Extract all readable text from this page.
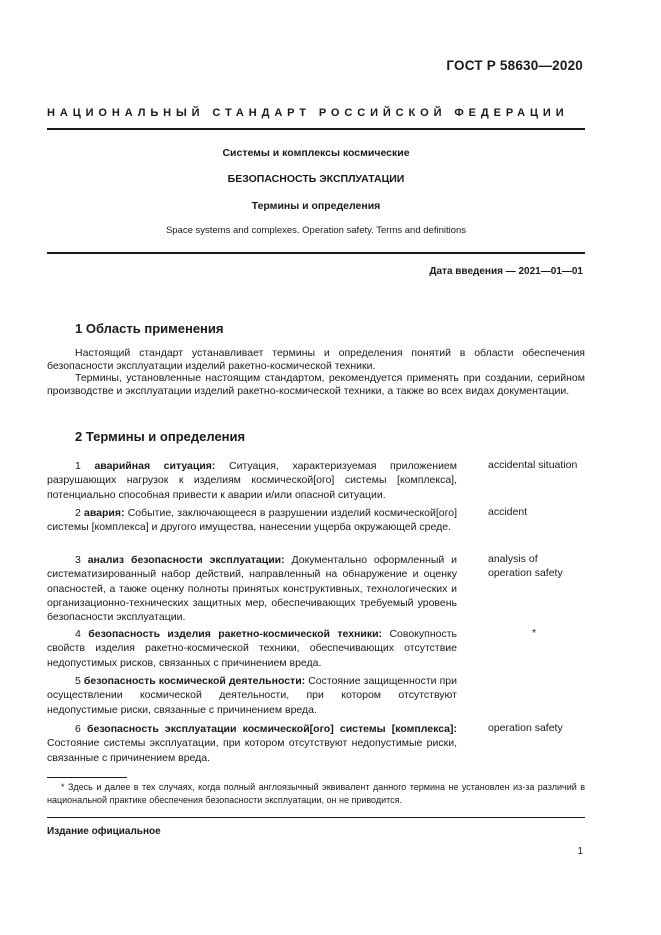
ГОСТ Р 58630—2020
НАЦИОНАЛЬНЫЙ СТАНДАРТ РОССИЙСКОЙ ФЕДЕРАЦИИ
Системы и комплексы космические
БЕЗОПАСНОСТЬ ЭКСПЛУАТАЦИИ
Термины и определения
Space systems and complexes. Operation safety. Terms and definitions
Дата введения — 2021—01—01
1 Область применения

Настоящий стандарт устанавливает термины и определения понятий в области обеспечения безопасности эксплуатации изделий ракетно-космической техники.

Термины, установленные настоящим стандартом, рекомендуется применять при создании, серийном производстве и эксплуатации изделий ракетно-космической техники, а также во всех видах документации.

2 Термины и определения
1 аварийная ситуация: Ситуация, характеризуемая приложением разрушающих нагрузок к изделиям космической[ого] системы [комплекса], потенциально способная привести к аварии и/или опасной ситуации.
accidental situation
2 авария: Событие, заключающееся в разрушении изделий космической[ого] системы [комплекса] и другого имущества, нанесении ущерба окружающей среде.
accident
3 анализ безопасности эксплуатации: Документально оформленный и систематизированный набор действий, направленный на обнаружение и оценку опасностей, а также оценку полноты принятых конструктивных, технологических и организационно-технических защитных мер, обеспечивающих требуемый уровень безопасности эксплуатации.
analysis of operation safety
4 безопасность изделия ракетно-космической техники: Совокупность свойств изделия ракетно-космической техники, обеспечивающих отсутствие недопустимых рисков, связанных с причинением вреда.
*
5 безопасность космической деятельности: Состояние защищенности при осуществлении космической деятельности, при котором отсутствуют недопустимые риски, связанные с причинением вреда.
6 безопасность эксплуатации космической[ого] системы [комплекса]: Состояние системы эксплуатации, при котором отсутствуют недопустимые риски, связанные с причинением вреда.
operation safety
* Здесь и далее в тех случаях, когда полный англоязычный эквивалент данного термина не установлен из-за различий в национальной практике обеспечения безопасности эксплуатации, он не приводится.
Издание официальное
1
